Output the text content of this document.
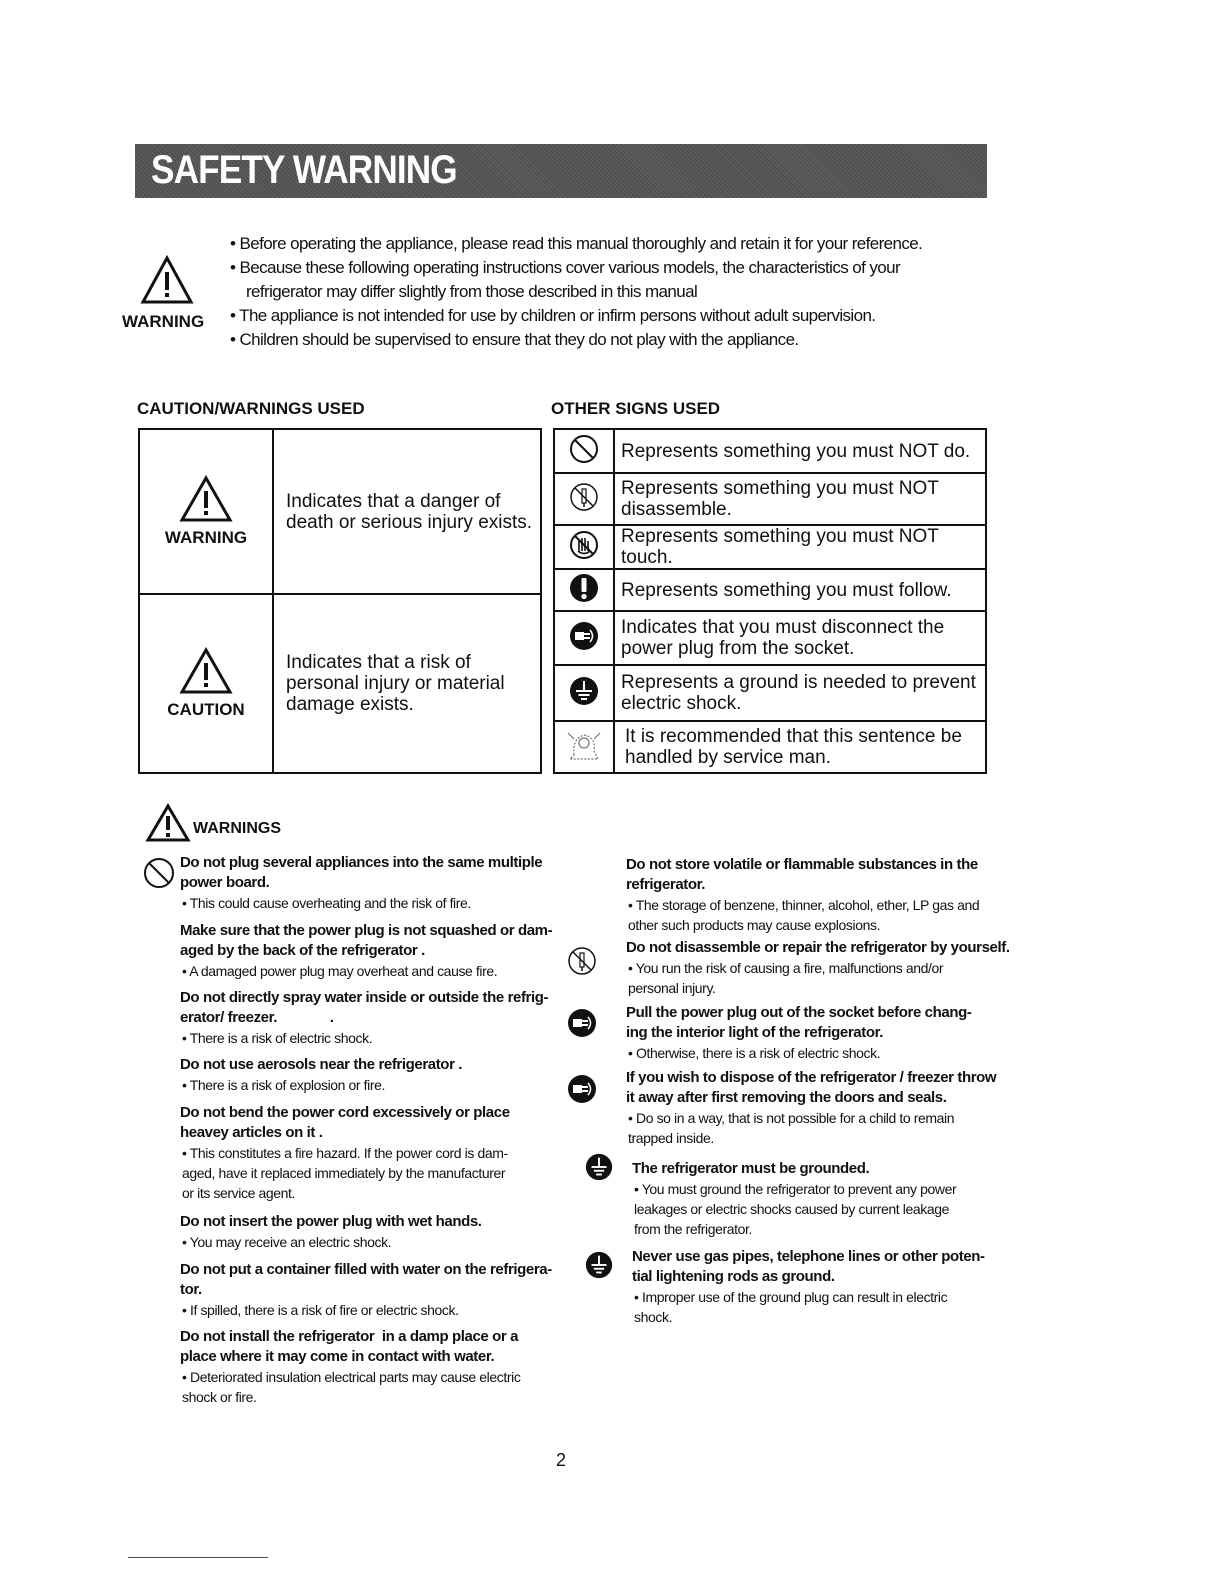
SAFETY WARNING
WARNING
• Before operating the appliance, please read this manual thoroughly and retain it for your reference.
• Because these following operating instructions cover various models, the characteristics of your
refrigerator may differ slightly from those described in this manual
• The appliance is not intended for use by children or infirm persons without adult supervision.
• Children should be supervised to ensure that they do not play with the appliance.
CAUTION/WARNINGS USED	OTHER SIGNS USED
WARNING	Indicates that a danger of
death or serious injury exists.

CAUTION	Indicates that a risk of
personal injury or material
damage exists.

Represents something you must NOT do.

Represents something you must NOT
disassemble.

Represents something you must NOT touch.

Represents something you must follow.

Indicates that you must disconnect the
power plug from the socket.

Represents a ground is needed to prevent
electric shock.

It is recommended that this sentence be
handled by service man.
WARNINGS
Do not plug several appliances into the same multiple
power board.
• This could cause overheating and the risk of fire.
Make sure that the power plug is not squashed or dam-
aged by the back of the refrigerator .
• A damaged power plug may overheat and cause fire.
Do not directly spray water inside or outside the refrig-
erator/ freezer.              .
• There is a risk of electric shock.
Do not use aerosols near the refrigerator .
• There is a risk of explosion or fire.
Do not bend the power cord excessively or place
heavey articles on it .
• This constitutes a fire hazard. If the power cord is dam-
aged, have it replaced immediately by the manufacturer
or its service agent.
Do not insert the power plug with wet hands.
• You may receive an electric shock.
Do not put a container filled with water on the refrigera-
tor.
• If spilled, there is a risk of fire or electric shock.
Do not install the refrigerator  in a damp place or a
place where it may come in contact with water.
• Deteriorated insulation electrical parts may cause electric
shock or fire.
Do not store volatile or flammable substances in the
refrigerator.
• The storage of benzene, thinner, alcohol, ether, LP gas and
other such products may cause explosions.
Do not disassemble or repair the refrigerator by yourself.
• You run the risk of causing a fire, malfunctions and/or
personal injury.
Pull the power plug out of the socket before chang-
ing the interior light of the refrigerator.
• Otherwise, there is a risk of electric shock.
If you wish to dispose of the refrigerator / freezer throw
it away after first removing the doors and seals.
• Do so in a way, that is not possible for a child to remain
trapped inside.
The refrigerator must be grounded.
• You must ground the refrigerator to prevent any power
leakages or electric shocks caused by current leakage
from the refrigerator.
Never use gas pipes, telephone lines or other poten-
tial lightening rods as ground.
• Improper use of the ground plug can result in electric
shock.
2
